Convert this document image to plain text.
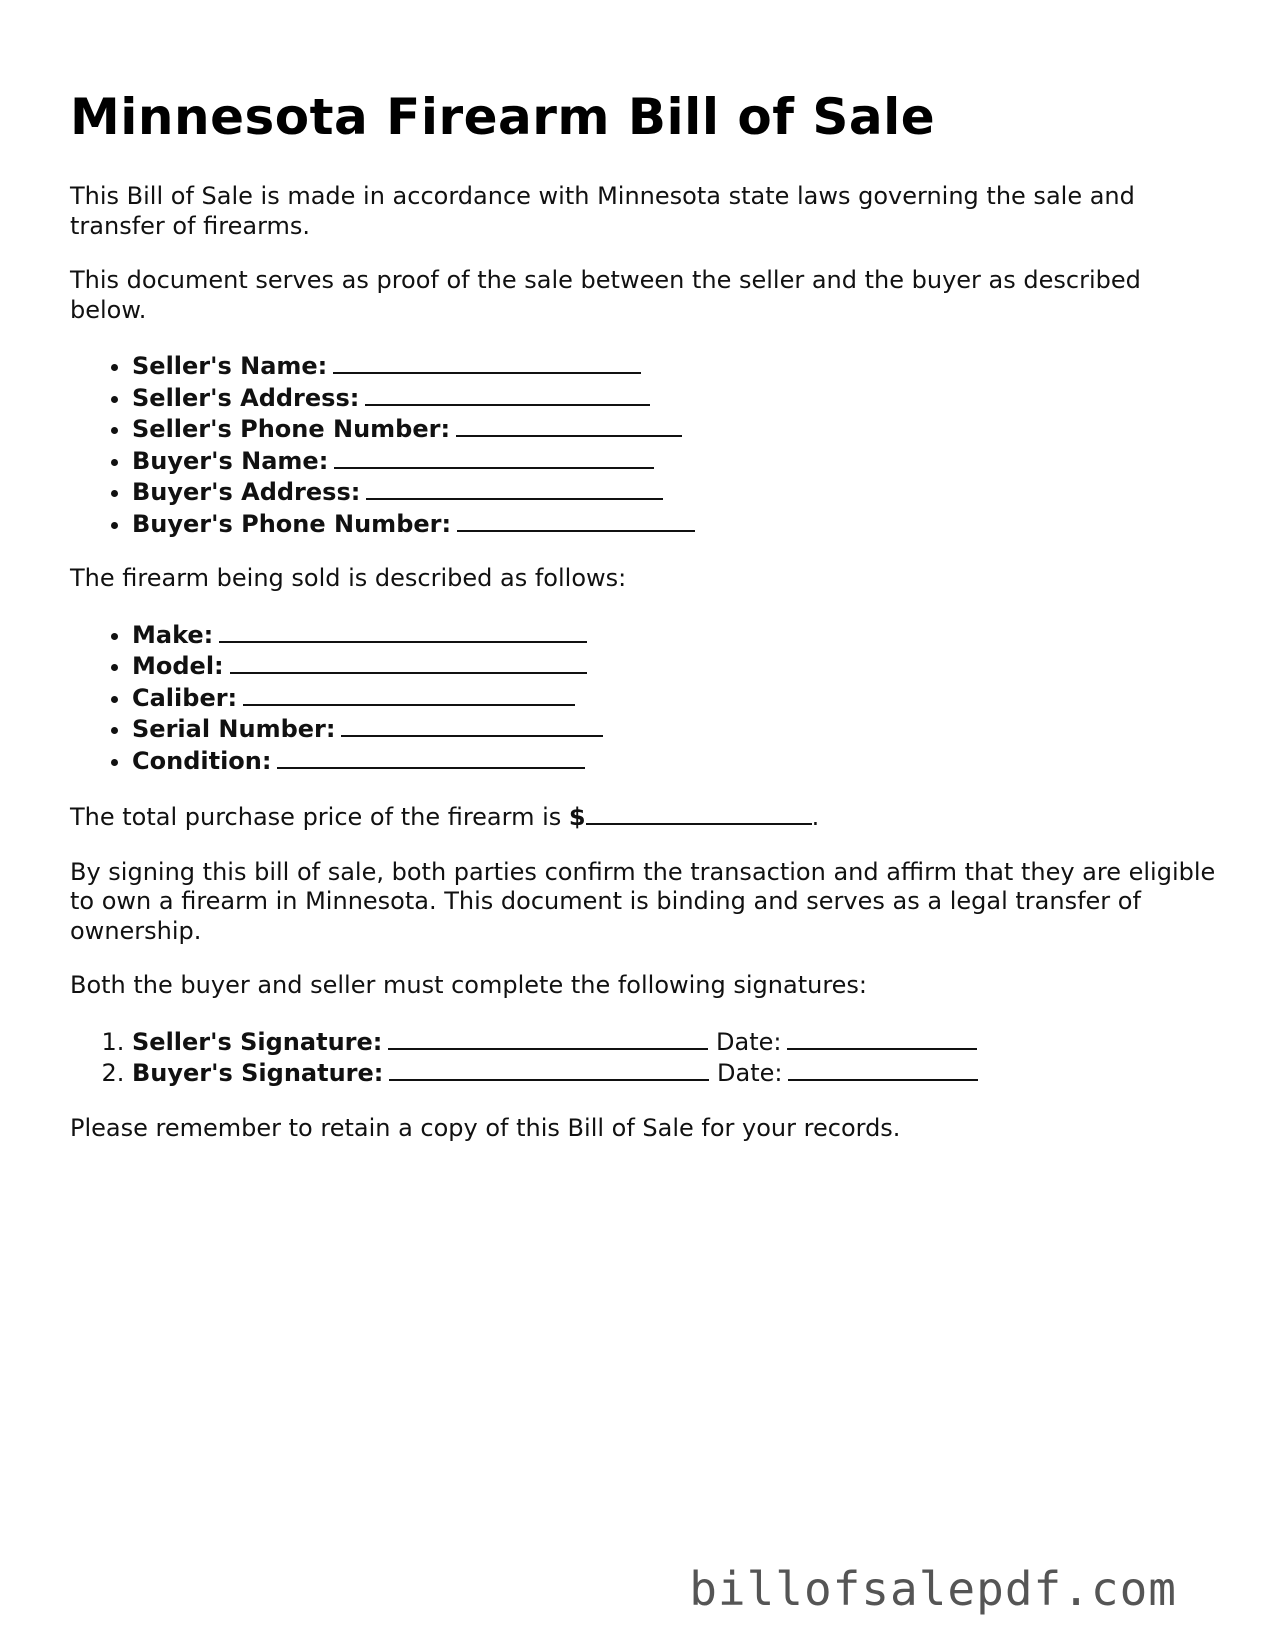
Minnesota Firearm Bill of Sale

This Bill of Sale is made in accordance with Minnesota state laws governing the sale and transfer of firearms.

This document serves as proof of the sale between the seller and the buyer as described below.

• Seller's Name:
• Seller's Address:
• Seller's Phone Number:
• Buyer's Name:
• Buyer's Address:
• Buyer's Phone Number:

The firearm being sold is described as follows:

• Make:
• Model:
• Caliber:
• Serial Number:
• Condition:

The total purchase price of the firearm is $	.

By signing this bill of sale, both parties confirm the transaction and affirm that they are eligible to own a firearm in Minnesota. This document is binding and serves as a legal transfer of ownership.

Both the buyer and seller must complete the following signatures:

1. Seller's Signature:	Date:
2. Buyer's Signature:	Date:

Please remember to retain a copy of this Bill of Sale for your records.

billofsalepdf.com
